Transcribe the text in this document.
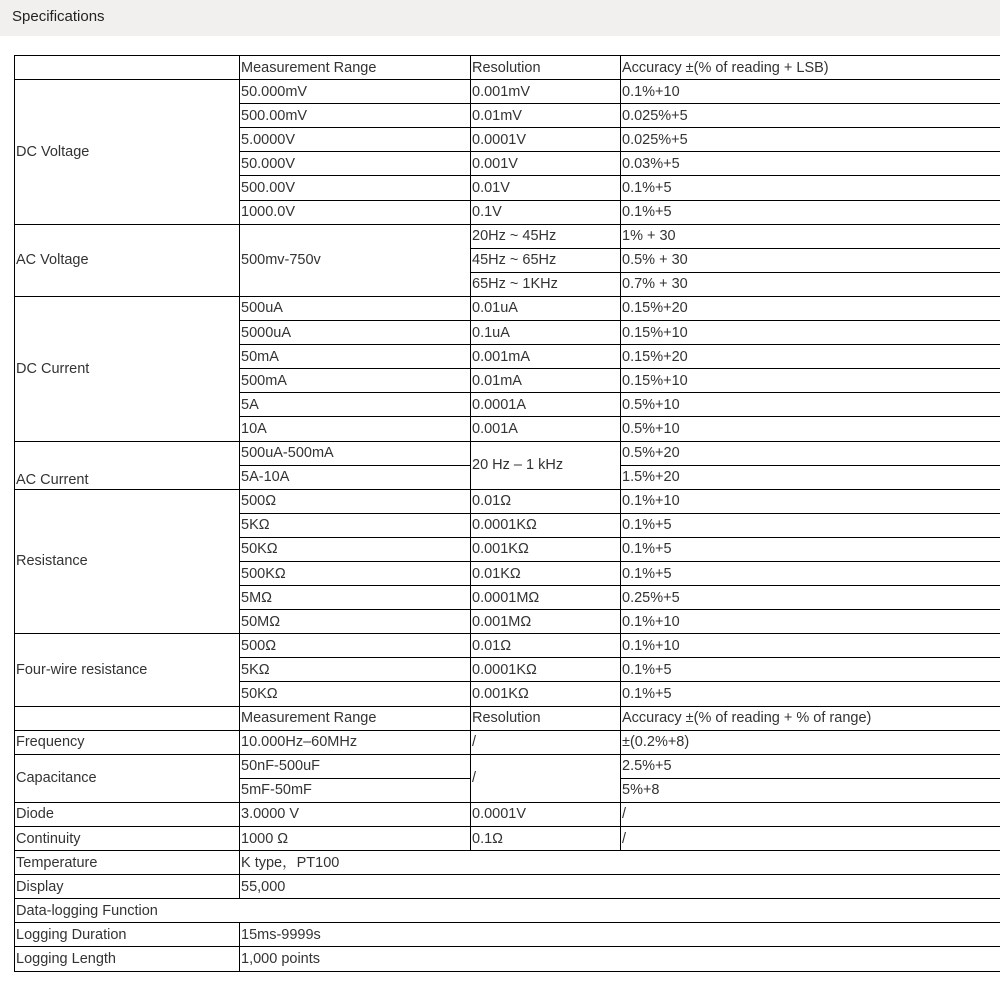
Specifications
	Measurement Range	Resolution	Accuracy ±(% of reading + LSB)
DC Voltage	50.000mV	0.001mV	0.1%+10
	500.00mV	0.01mV	0.025%+5
	5.0000V	0.0001V	0.025%+5
	50.000V	0.001V	0.03%+5
	500.00V	0.01V	0.1%+5
	1000.0V	0.1V	0.1%+5
AC Voltage	500mv-750v	20Hz ~ 45Hz	1% + 30
		45Hz ~ 65Hz	0.5% + 30
		65Hz ~ 1KHz	0.7% + 30
DC Current	500uA	0.01uA	0.15%+20
	5000uA	0.1uA	0.15%+10
	50mA	0.001mA	0.15%+20
	500mA	0.01mA	0.15%+10
	5A	0.0001A	0.5%+10
	10A	0.001A	0.5%+10
AC Current	500uA-500mA	20 Hz – 1 kHz	0.5%+20
	5A-10A		1.5%+20
Resistance	500Ω	0.01Ω	0.1%+10
	5KΩ	0.0001KΩ	0.1%+5
	50KΩ	0.001KΩ	0.1%+5
	500KΩ	0.01KΩ	0.1%+5
	5MΩ	0.0001MΩ	0.25%+5
	50MΩ	0.001MΩ	0.1%+10
Four-wire resistance	500Ω	0.01Ω	0.1%+10
	5KΩ	0.0001KΩ	0.1%+5
	50KΩ	0.001KΩ	0.1%+5
	Measurement Range	Resolution	Accuracy ±(% of reading + % of range)
Frequency	10.000Hz–60MHz	/	±(0.2%+8)
Capacitance	50nF-500uF	/	2.5%+5
	5mF-50mF		5%+8
Diode	3.0000 V	0.0001V	/
Continuity	1000 Ω	0.1Ω	/
Temperature	K type，PT100		
Display	55,000		
Data-logging Function			
Logging Duration	15ms-9999s		
Logging Length	1,000 points		
